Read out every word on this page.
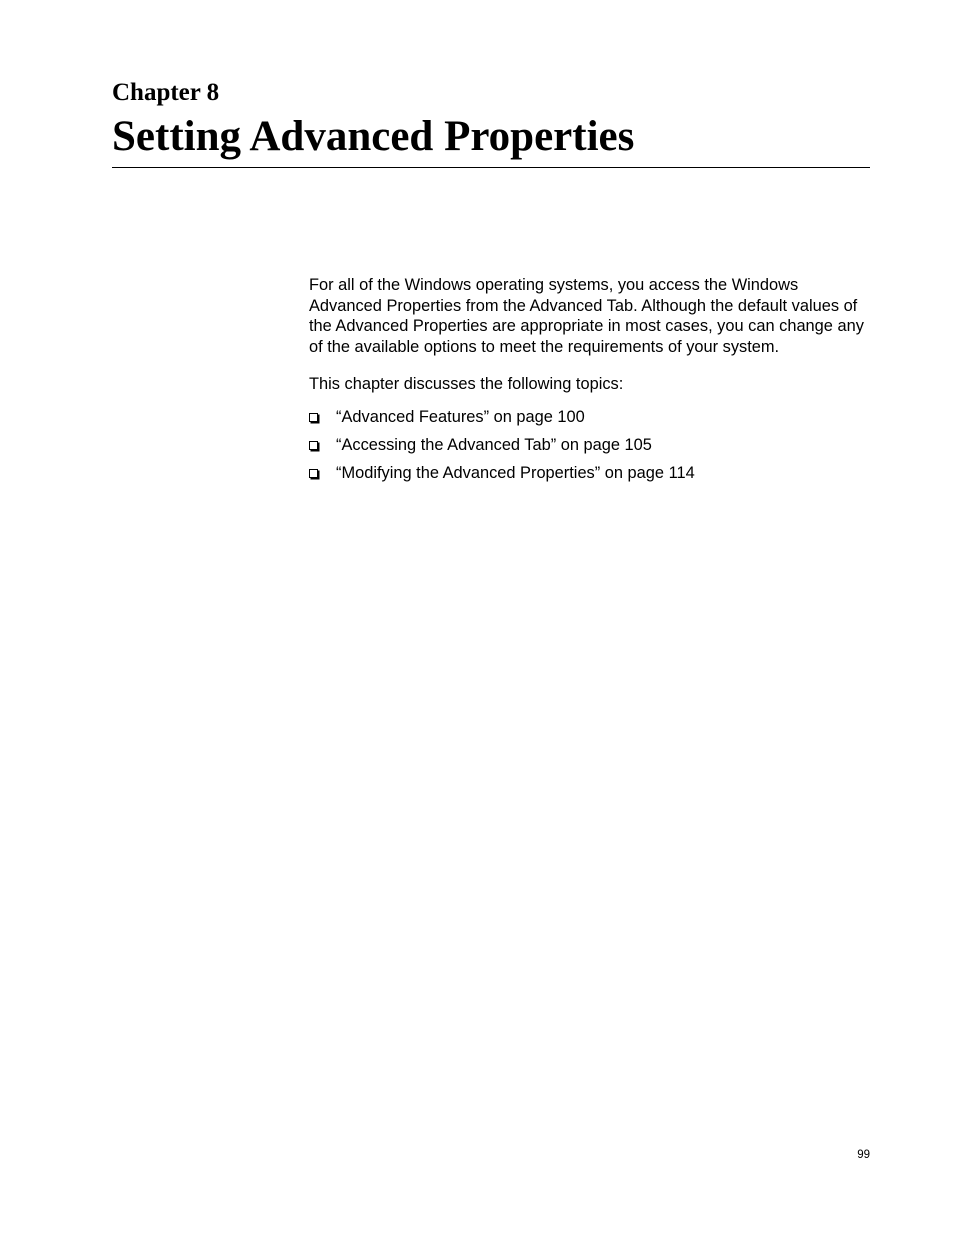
Chapter 8
Setting Advanced Properties

For all of the Windows operating systems, you access the Windows Advanced Properties from the Advanced Tab. Although the default values of the Advanced Properties are appropriate in most cases, you can change any of the available options to meet the requirements of your system.

This chapter discusses the following topics:

“Advanced Features” on page 100
“Accessing the Advanced Tab” on page 105
“Modifying the Advanced Properties” on page 114
99
